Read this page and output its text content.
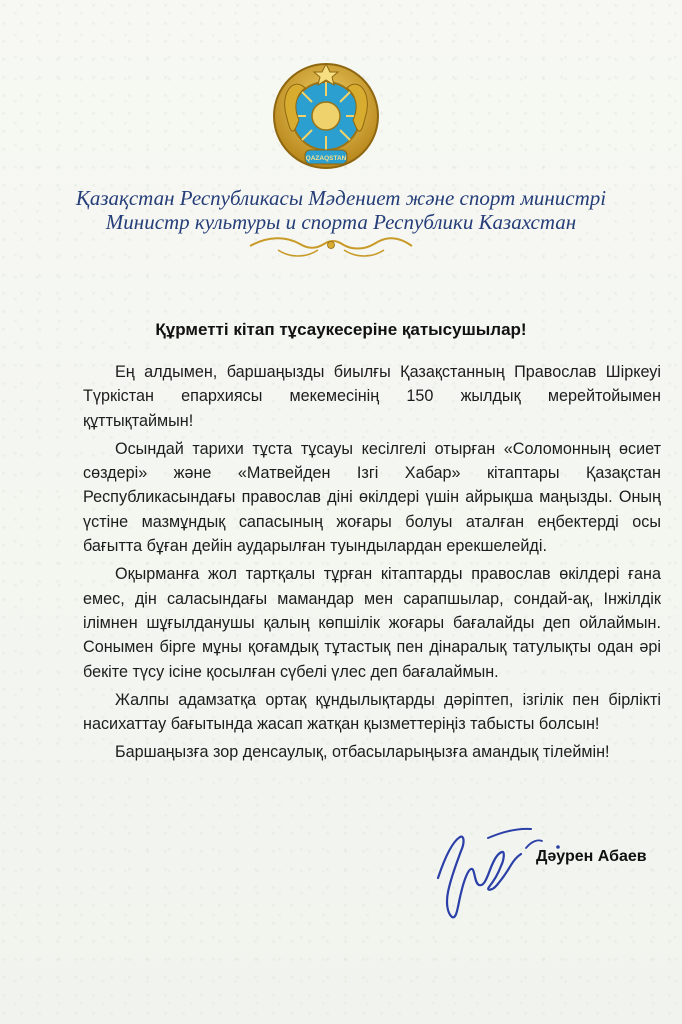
QAZAQSTAN
Қазақстан Республикасы Мәдениет және спорт министрі
Министр культуры и спорта Республики Казахстан
Құрметті кітап тұсаукесеріне қатысушылар!

Ең алдымен, баршаңызды биылғы Қазақстанның Православ Шіркеуі Түркістан епархиясы мекемесінің 150 жылдық мерейтойымен құттықтаймын!

Осындай тарихи тұста тұсауы кесілгелі отырған «Соломонның өсиет сөздері» және «Матвейден Ізгі Хабар» кітаптары Қазақстан Республикасындағы православ діні өкілдері үшін айрықша маңызды. Оның үстіне мазмұндық сапасының жоғары болуы аталған еңбектерді осы бағытта бұған дейін аударылған туындылардан ерекшелейді.

Оқырманға жол тартқалы тұрған кітаптарды православ өкілдері ғана емес, дін саласындағы мамандар мен сарапшылар, сондай-ақ, Інжілдік ілімнен шұғылданушы қалың көпшілік жоғары бағалайды деп ойлаймын. Сонымен бірге мұны қоғамдық тұтастық пен дінаралық татулықты одан әрі бекіте түсу ісіне қосылған сүбелі үлес деп бағалаймын.

Жалпы адамзатқа ортақ құндылықтарды дәріптеп, ізгілік пен бірлікті насихаттау бағытында жасап жатқан қызметтеріңіз табысты болсын!

Баршаңызға зор денсаулық, отбасыларыңызға амандық тілеймін!

Дәурен Абаев
